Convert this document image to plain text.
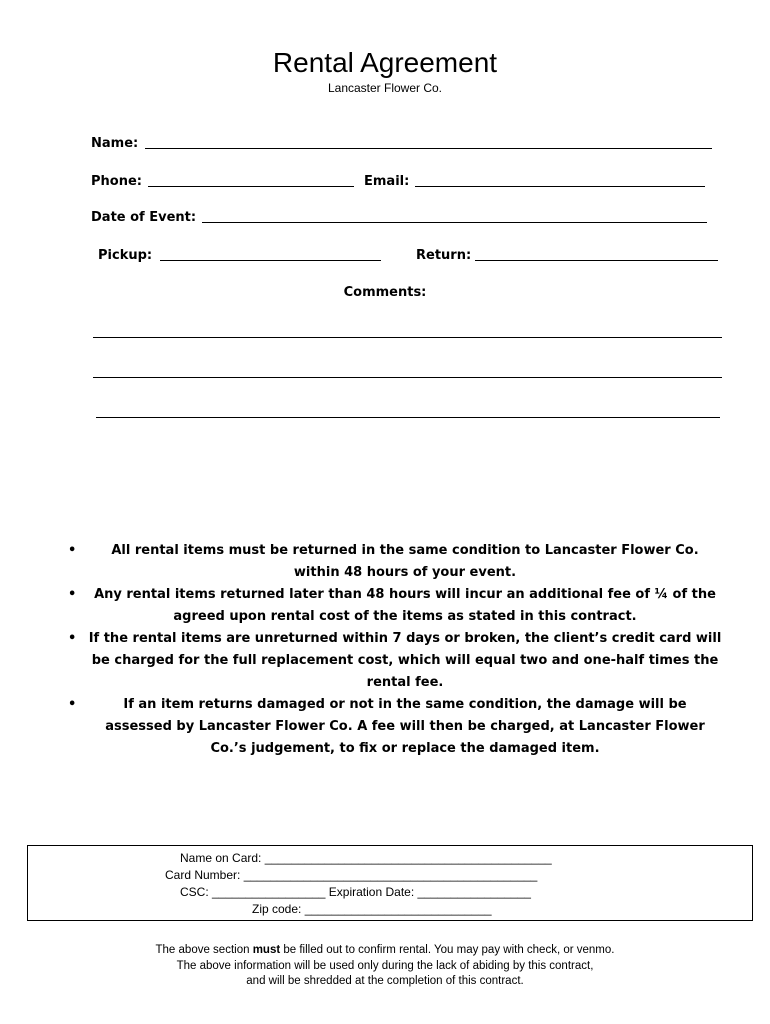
Rental Agreement
Lancaster Flower Co.
Name:
Phone:	Email:
Date of Event:
Pickup:	Return:
Comments:
•	All rental items must be returned in the same condition to Lancaster Flower Co. within 48 hours of your event.
• Any rental items returned later than 48 hours will incur an additional fee of ¼ of the agreed upon rental cost of the items as stated in this contract.
• If the rental items are unreturned within 7 days or broken, the client’s credit card will be charged for the full replacement cost, which will equal two and one-half times the rental fee.
•	If an item returns damaged or not in the same condition, the damage will be assessed by Lancaster Flower Co. A fee will then be charged, at Lancaster Flower Co.’s judgement, to fix or replace the damaged item.
Name on Card: ___________________________________________
Card Number: ____________________________________________
CSC: _________________ Expiration Date: _________________
Zip code: ____________________________
The above section must be filled out to confirm rental. You may pay with check, or venmo.
The above information will be used only during the lack of abiding by this contract,
and will be shredded at the completion of this contract.
